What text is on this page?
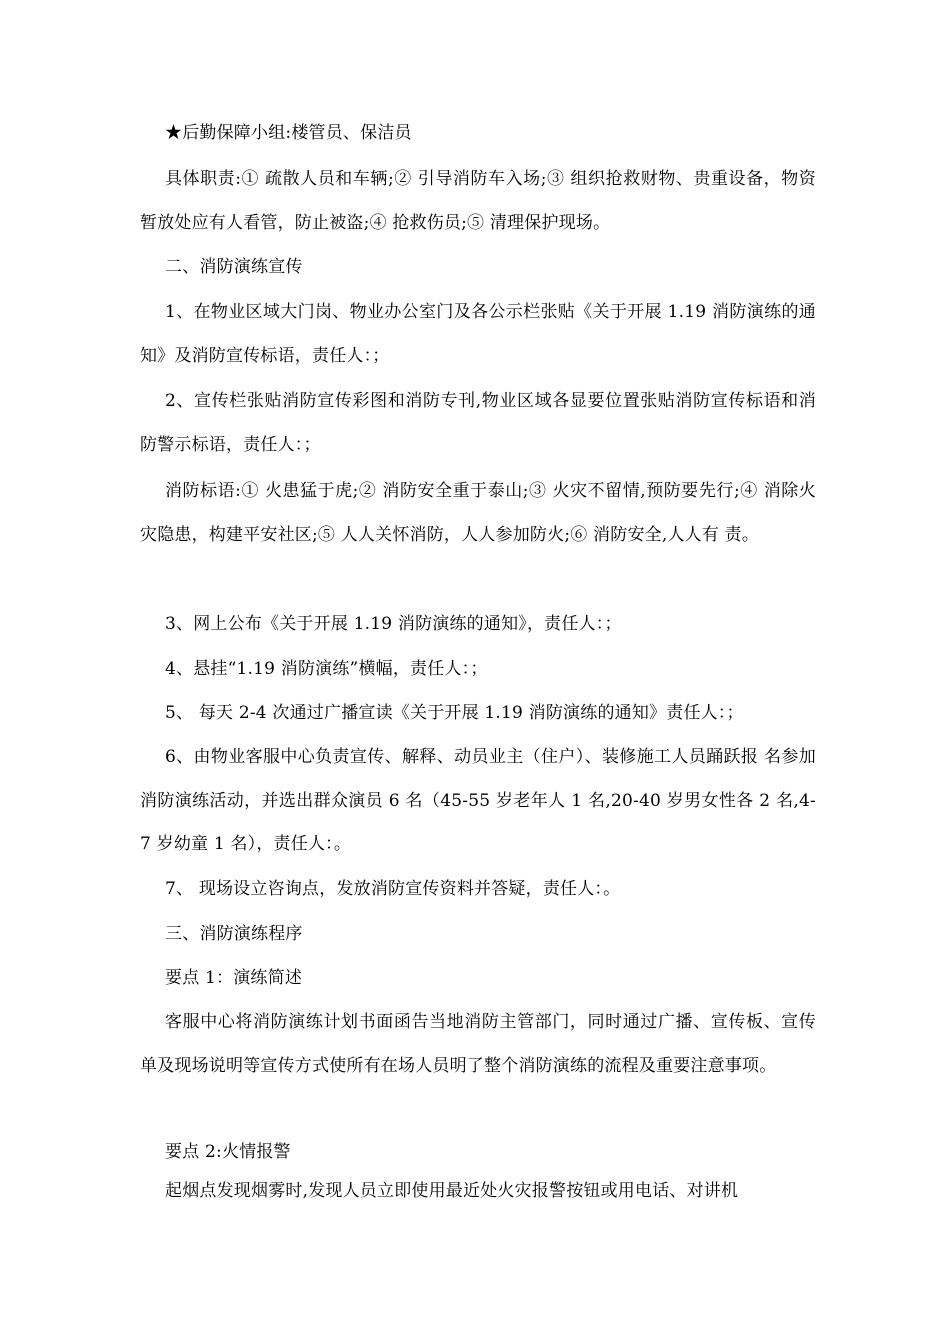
★后勤保障小组:楼管员、保洁员

具体职责:① 疏散人员和车辆;② 引导消防车入场;③ 组织抢救财物、贵重设备，物资暂放处应有人看管，防止被盗;④ 抢救伤员;⑤ 清理保护现场。

二、消防演练宣传

1、在物业区域大门岗、物业办公室门及各公示栏张贴《关于开展 1.19 消防演练的通知》及消防宣传标语，责任人：；

2、宣传栏张贴消防宣传彩图和消防专刊,物业区域各显要位置张贴消防宣传标语和消防警示标语，责任人：；

消防标语:① 火患猛于虎;② 消防安全重于泰山;③ 火灾不留情,预防要先行;④ 消除火灾隐患，构建平安社区;⑤ 人人关怀消防，人人参加防火;⑥ 消防安全,人人有 责。

3、网上公布《关于开展 1.19 消防演练的通知》，责任人：；

4、悬挂“1.19 消防演练”横幅，责任人：；

5、 每天 2-4 次通过广播宣读《关于开展 1.19 消防演练的通知》责任人：；

6、由物业客服中心负责宣传、解释、动员业主（住户）、装修施工人员踊跃报 名参加消防演练活动，并选出群众演员 6 名（45-55 岁老年人 1 名,20-40 岁男女性各 2 名,4-7 岁幼童 1 名），责任人：。

7、 现场设立咨询点，发放消防宣传资料并答疑，责任人：。

三、消防演练程序

要点 1：演练简述

客服中心将消防演练计划书面函告当地消防主管部门，同时通过广播、宣传板、宣传单及现场说明等宣传方式使所有在场人员明了整个消防演练的流程及重要注意事项。

要点 2:火情报警

起烟点发现烟雾时,发现人员立即使用最近处火灾报警按钮或用电话、对讲机
